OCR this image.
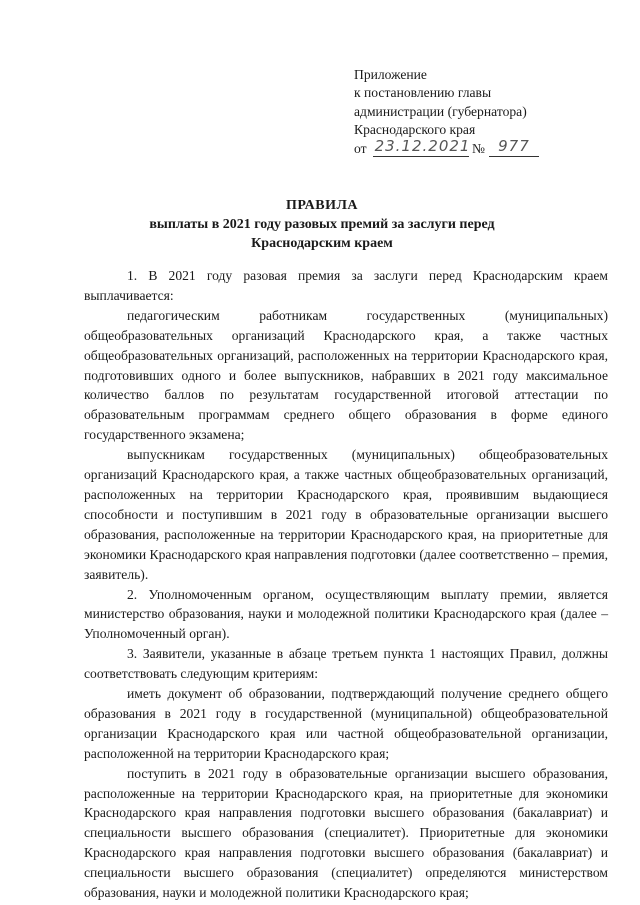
Приложение
к постановлению главы
администрации (губернатора)
Краснодарского края
от 23.12.2021 № 977
ПРАВИЛА
выплаты в 2021 году разовых премий за заслуги перед
Краснодарским краем

1. В 2021 году разовая премия за заслуги перед Краснодарским краем выплачивается:

педагогическим работникам государственных (муниципальных) общеобразовательных организаций Краснодарского края, а также частных общеобразовательных организаций, расположенных на территории Краснодарского края, подготовивших одного и более выпускников, набравших в 2021 году максимальное количество баллов по результатам государственной итоговой аттестации по образовательным программам среднего общего образования в форме единого государственного экзамена;

выпускникам государственных (муниципальных) общеобразовательных организаций Краснодарского края, а также частных общеобразовательных организаций, расположенных на территории Краснодарского края, проявившим выдающиеся способности и поступившим в 2021 году в образовательные организации высшего образования, расположенные на территории Краснодарского края, на приоритетные для экономики Краснодарского края направления подготовки (далее соответственно – премия, заявитель).

2. Уполномоченным органом, осуществляющим выплату премии, является министерство образования, науки и молодежной политики Краснодарского края (далее – Уполномоченный орган).

3. Заявители, указанные в абзаце третьем пункта 1 настоящих Правил, должны соответствовать следующим критериям:

иметь документ об образовании, подтверждающий получение среднего общего образования в 2021 году в государственной (муниципальной) общеобразовательной организации Краснодарского края или частной общеобразовательной организации, расположенной на территории Краснодарского края;

поступить в 2021 году в образовательные организации высшего образования, расположенные на территории Краснодарского края, на приоритетные для экономики Краснодарского края направления подготовки высшего образования (бакалавриат) и специальности высшего образования (специалитет). Приоритетные для экономики Краснодарского края направления подготовки высшего образования (бакалавриат) и специальности высшего образования (специалитет) определяются министерством образования, науки и молодежной политики Краснодарского края;
